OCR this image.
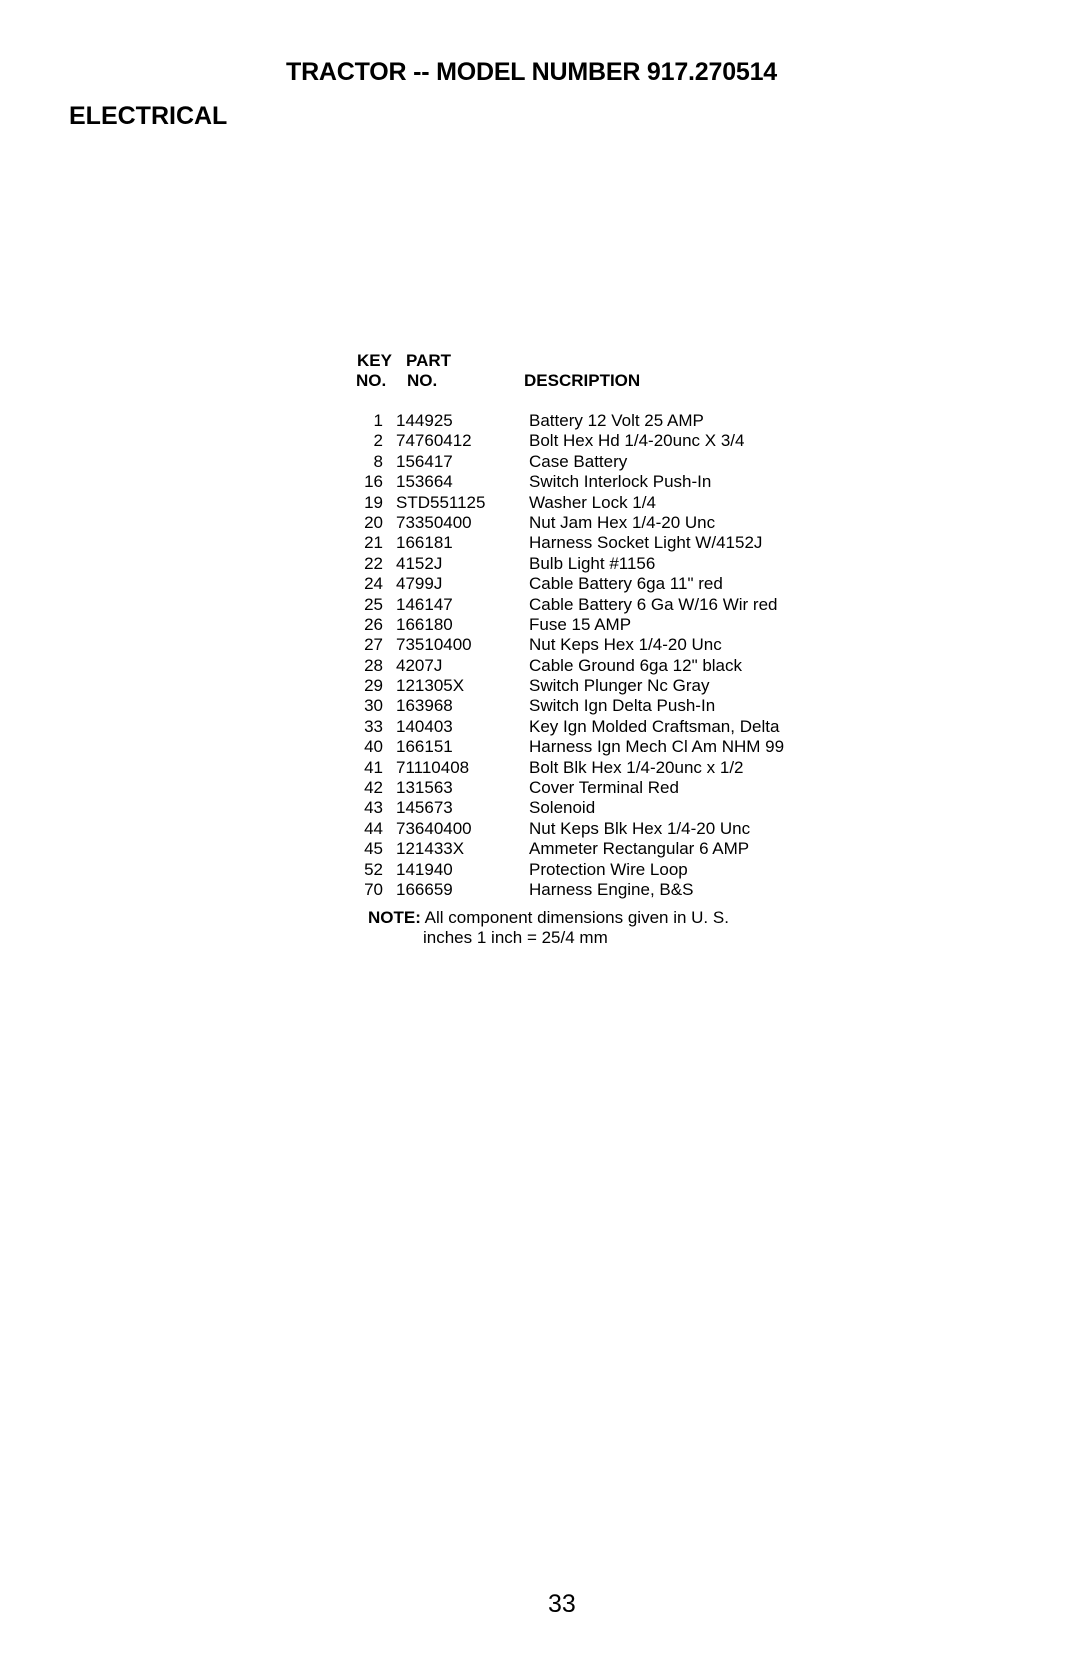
TRACTOR -- MODEL NUMBER 917.270514
ELECTRICAL
KEY
NO.
PART
NO.	DESCRIPTION
1 144925	Battery 12 Volt 25 AMP
2 74760412	Bolt Hex Hd 1/4-20unc X 3/4
8 156417	Case Battery
16 153664	Switch Interlock Push-In
19 STD551125	Washer Lock 1/4
20 73350400	Nut Jam Hex 1/4-20 Unc
21 166181	Harness Socket Light W/4152J
22 4152J	Bulb Light #1156
24 4799J	Cable Battery 6ga 11" red
25 146147	Cable Battery 6 Ga W/16 Wir red
26 166180	Fuse 15 AMP
27 73510400	Nut Keps Hex 1/4-20 Unc
28 4207J	Cable Ground 6ga 12" black
29 121305X	Switch Plunger Nc Gray
30 163968	Switch Ign Delta Push-In
33 140403	Key Ign Molded Craftsman, Delta
40 166151	Harness Ign Mech Cl Am NHM 99
41 71110408	Bolt Blk Hex 1/4-20unc x 1/2
42 131563	Cover Terminal Red
43 145673	Solenoid
44 73640400	Nut Keps Blk Hex 1/4-20 Unc
45 121433X	Ammeter Rectangular 6 AMP
52 141940	Protection Wire Loop
70 166659	Harness Engine, B&S
NOTE: All component dimensions given in U. S.
inches 1 inch = 25/4 mm
33
